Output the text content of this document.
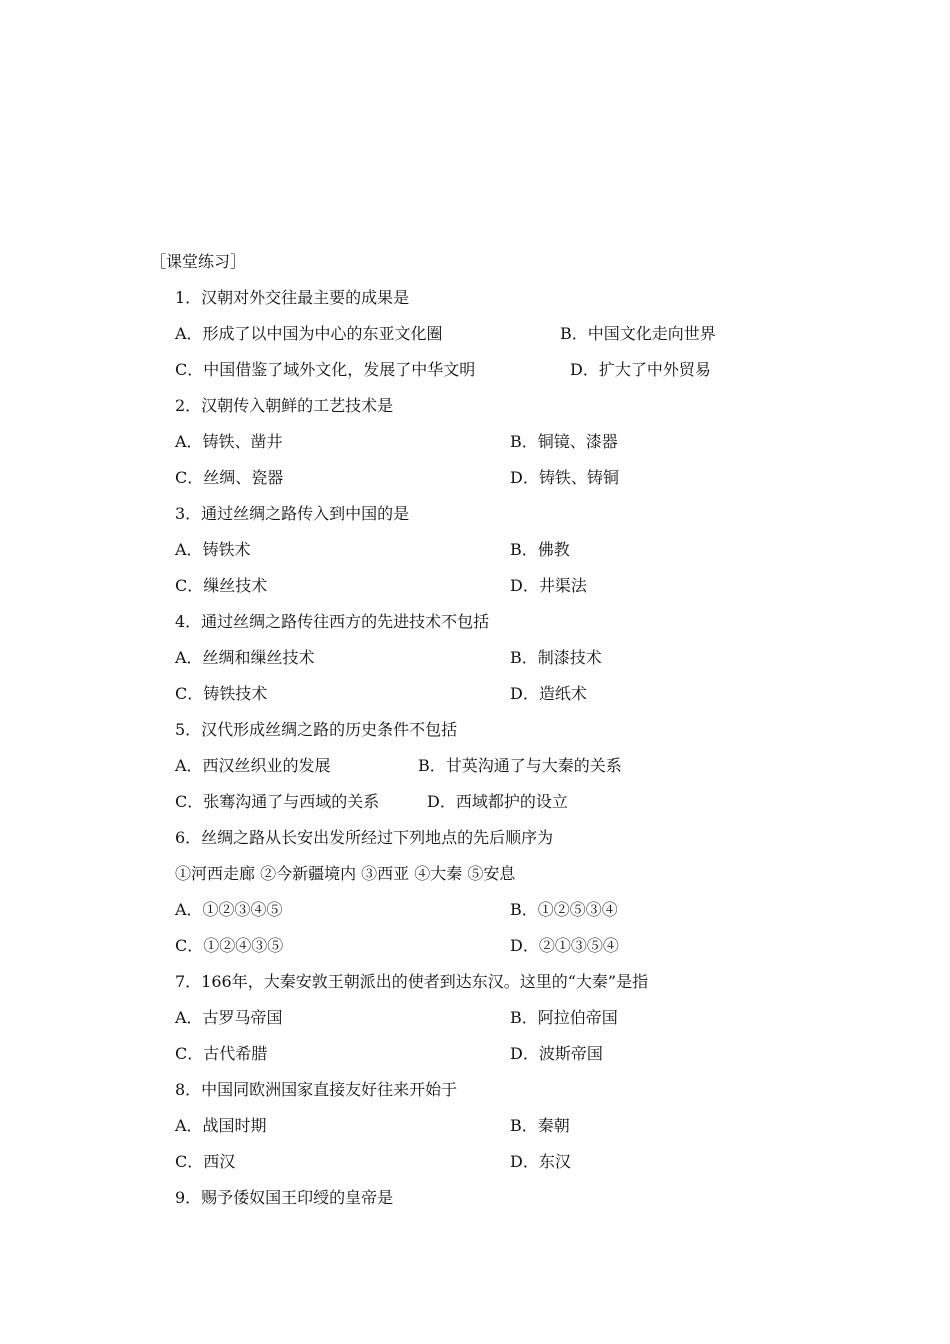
［课堂练习］
1．汉朝对外交往最主要的成果是
A．形成了以中国为中心的东亚文化圈	B．中国文化走向世界
C．中国借鉴了域外文化，发展了中华文明	D．扩大了中外贸易
2．汉朝传入朝鲜的工艺技术是
A．铸铁、凿井	B．铜镜、漆器
C．丝绸、瓷器	D．铸铁、铸铜
3．通过丝绸之路传入到中国的是
A．铸铁术	B．佛教
C．缫丝技术	D．井渠法
4．通过丝绸之路传往西方的先进技术不包括
A．丝绸和缫丝技术	B．制漆技术
C．铸铁技术	D．造纸术
5．汉代形成丝绸之路的历史条件不包括
A．西汉丝织业的发展	B．甘英沟通了与大秦的关系
C．张骞沟通了与西域的关系	D．西域都护的设立
6．丝绸之路从长安出发所经过下列地点的先后顺序为
①河西走廊 ②今新疆境内 ③西亚 ④大秦 ⑤安息
A．①②③④⑤	B．①②⑤③④
C．①②④③⑤	D．②①③⑤④
7．166年，大秦安敦王朝派出的使者到达东汉。这里的“大秦”是指
A．古罗马帝国	B．阿拉伯帝国
C．古代希腊	D．波斯帝国
8．中国同欧洲国家直接友好往来开始于
A．战国时期	B．秦朝
C．西汉	D．东汉
9．赐予倭奴国王印绶的皇帝是
